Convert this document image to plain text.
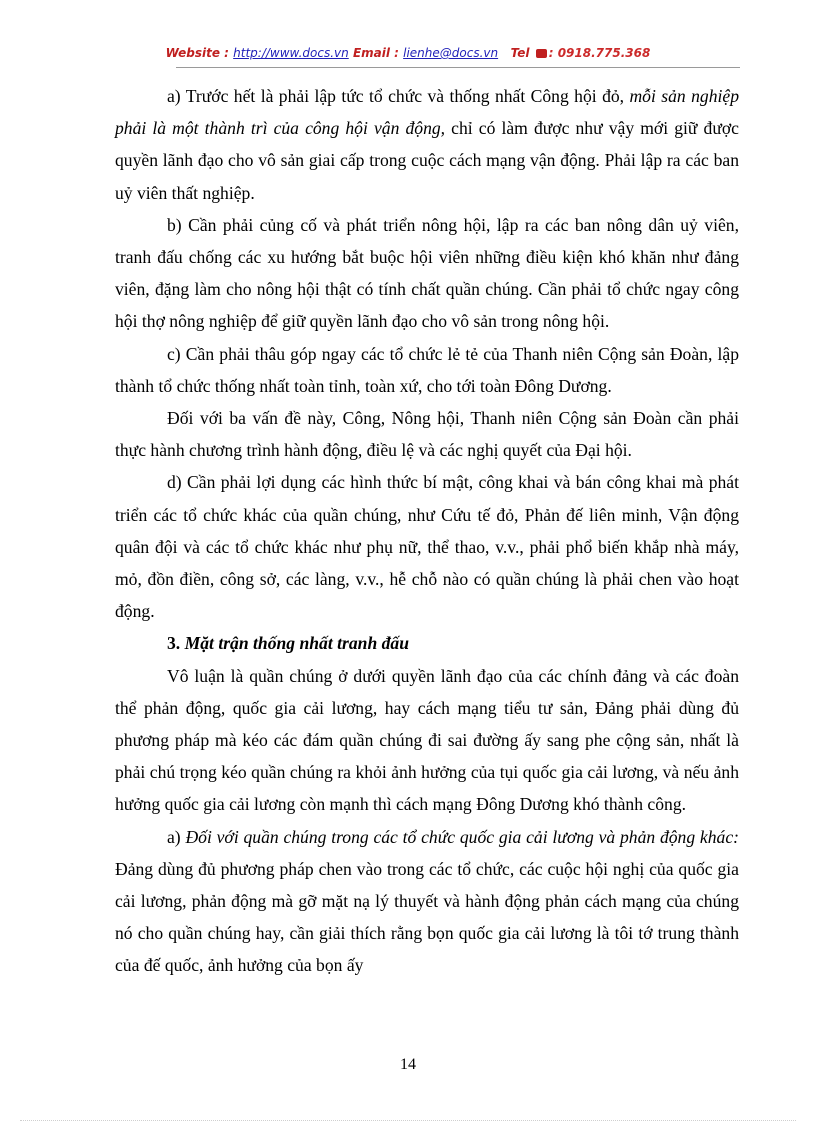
Website : http://www.docs.vn Email : lienhe@docs.vn Tel : 0918.775.368

a) Trước hết là phải lập tức tổ chức và thống nhất Công hội đỏ, mỗi sản nghiệp phải là một thành trì của công hội vận động, chỉ có làm được như vậy mới giữ được quyền lãnh đạo cho vô sản giai cấp trong cuộc cách mạng vận động. Phải lập ra các ban uỷ viên thất nghiệp.

b) Cần phải củng cố và phát triển nông hội, lập ra các ban nông dân uỷ viên, tranh đấu chống các xu hướng bắt buộc hội viên những điều kiện khó khăn như đảng viên, đặng làm cho nông hội thật có tính chất quần chúng. Cần phải tổ chức ngay công hội thợ nông nghiệp để giữ quyền lãnh đạo cho vô sản trong nông hội.

c) Cần phải thâu góp ngay các tổ chức lẻ tẻ của Thanh niên Cộng sản Đoàn, lập thành tổ chức thống nhất toàn tỉnh, toàn xứ, cho tới toàn Đông Dương.

Đối với ba vấn đề này, Công, Nông hội, Thanh niên Cộng sản Đoàn cần phải thực hành chương trình hành động, điều lệ và các nghị quyết của Đại hội.

d) Cần phải lợi dụng các hình thức bí mật, công khai và bán công khai mà phát triển các tổ chức khác của quần chúng, như Cứu tế đỏ, Phản đế liên minh, Vận động quân đội và các tổ chức khác như phụ nữ, thể thao, v.v., phải phổ biến khắp nhà máy, mỏ, đồn điền, công sở, các làng, v.v., hễ chỗ nào có quần chúng là phải chen vào hoạt động.

3. Mặt trận thống nhất tranh đấu

Vô luận là quần chúng ở dưới quyền lãnh đạo của các chính đảng và các đoàn thể phản động, quốc gia cải lương, hay cách mạng tiểu tư sản, Đảng phải dùng đủ phương pháp mà kéo các đám quần chúng đi sai đường ấy sang phe cộng sản, nhất là phải chú trọng kéo quần chúng ra khỏi ảnh hưởng của tụi quốc gia cải lương, và nếu ảnh hưởng quốc gia cải lương còn mạnh thì cách mạng Đông Dương khó thành công.

a) Đối với quần chúng trong các tổ chức quốc gia cải lương và phản động khác: Đảng dùng đủ phương pháp chen vào trong các tổ chức, các cuộc hội nghị của quốc gia cải lương, phản động mà gỡ mặt nạ lý thuyết và hành động phản cách mạng của chúng nó cho quần chúng hay, cần giải thích rằng bọn quốc gia cải lương là tôi tớ trung thành của đế quốc, ảnh hưởng của bọn ấy

14
